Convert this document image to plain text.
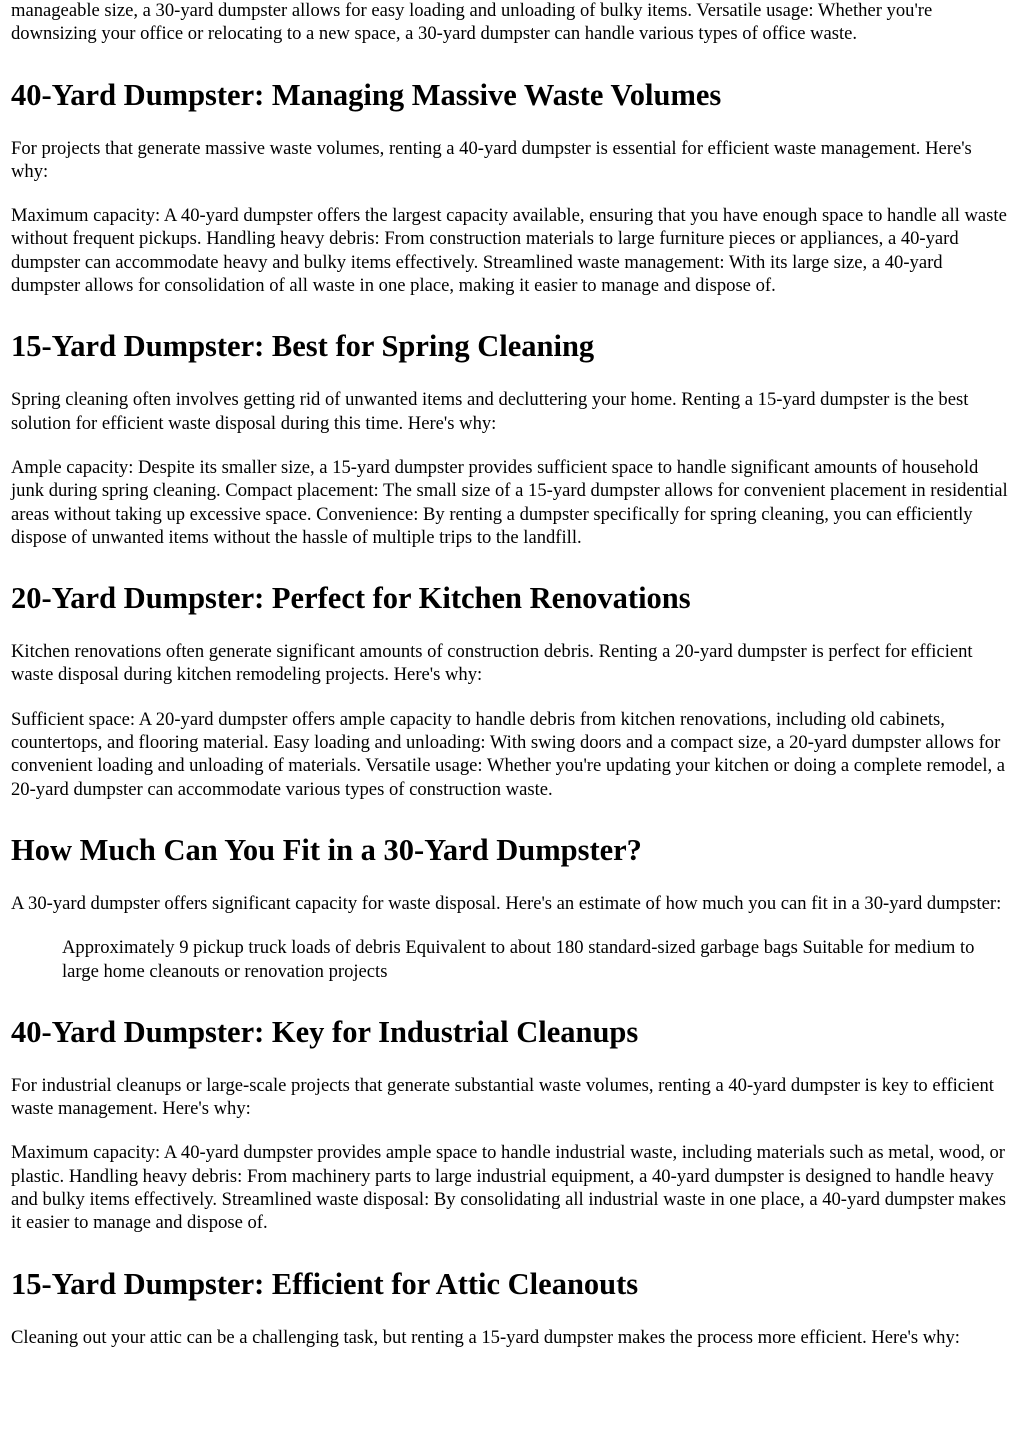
manageable size, a 30-yard dumpster allows for easy loading and unloading of bulky items. Versatile usage: Whether you're downsizing your office or relocating to a new space, a 30-yard dumpster can handle various types of office waste.

40-Yard Dumpster: Managing Massive Waste Volumes

For projects that generate massive waste volumes, renting a 40-yard dumpster is essential for efficient waste management. Here's why:

Maximum capacity: A 40-yard dumpster offers the largest capacity available, ensuring that you have enough space to handle all waste without frequent pickups. Handling heavy debris: From construction materials to large furniture pieces or appliances, a 40-yard dumpster can accommodate heavy and bulky items effectively. Streamlined waste management: With its large size, a 40-yard dumpster allows for consolidation of all waste in one place, making it easier to manage and dispose of.

15-Yard Dumpster: Best for Spring Cleaning

Spring cleaning often involves getting rid of unwanted items and decluttering your home. Renting a 15-yard dumpster is the best solution for efficient waste disposal during this time. Here's why:

Ample capacity: Despite its smaller size, a 15-yard dumpster provides sufficient space to handle significant amounts of household junk during spring cleaning. Compact placement: The small size of a 15-yard dumpster allows for convenient placement in residential areas without taking up excessive space. Convenience: By renting a dumpster specifically for spring cleaning, you can efficiently dispose of unwanted items without the hassle of multiple trips to the landfill.

20-Yard Dumpster: Perfect for Kitchen Renovations

Kitchen renovations often generate significant amounts of construction debris. Renting a 20-yard dumpster is perfect for efficient waste disposal during kitchen remodeling projects. Here's why:

Sufficient space: A 20-yard dumpster offers ample capacity to handle debris from kitchen renovations, including old cabinets, countertops, and flooring material. Easy loading and unloading: With swing doors and a compact size, a 20-yard dumpster allows for convenient loading and unloading of materials. Versatile usage: Whether you're updating your kitchen or doing a complete remodel, a 20-yard dumpster can accommodate various types of construction waste.

How Much Can You Fit in a 30-Yard Dumpster?

A 30-yard dumpster offers significant capacity for waste disposal. Here's an estimate of how much you can fit in a 30-yard dumpster:

Approximately 9 pickup truck loads of debris Equivalent to about 180 standard-sized garbage bags Suitable for medium to large home cleanouts or renovation projects
40-Yard Dumpster: Key for Industrial Cleanups

For industrial cleanups or large-scale projects that generate substantial waste volumes, renting a 40-yard dumpster is key to efficient waste management. Here's why:

Maximum capacity: A 40-yard dumpster provides ample space to handle industrial waste, including materials such as metal, wood, or plastic. Handling heavy debris: From machinery parts to large industrial equipment, a 40-yard dumpster is designed to handle heavy and bulky items effectively. Streamlined waste disposal: By consolidating all industrial waste in one place, a 40-yard dumpster makes it easier to manage and dispose of.

15-Yard Dumpster: Efficient for Attic Cleanouts

Cleaning out your attic can be a challenging task, but renting a 15-yard dumpster makes the process more efficient. Here's why:
